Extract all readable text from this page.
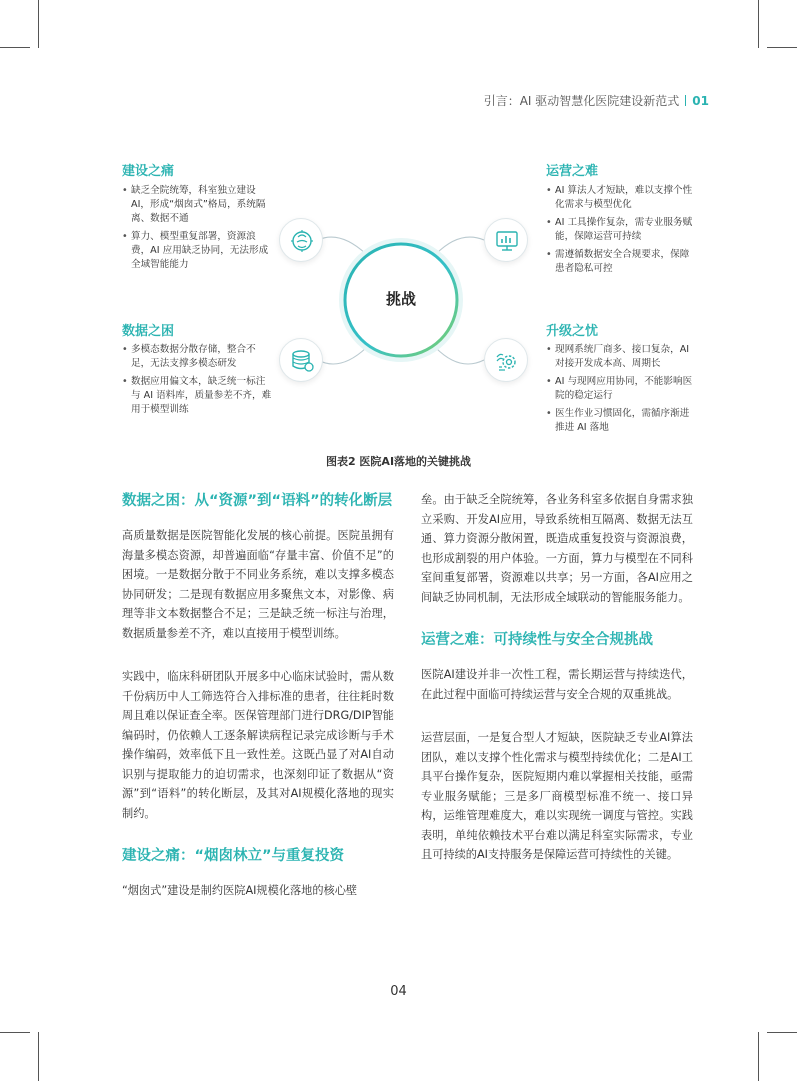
引言：AI 驱动智慧化医院建设新范式 01
挑战
建设之痛
• 缺乏全院统筹，科室独立建设AI，形成“烟囱式”格局，系统隔离、数据不通
• 算力、模型重复部署，资源浪费，AI 应用缺乏协同，无法形成全域智能能力
运营之难
• AI 算法人才短缺，难以支撑个性化需求与模型优化
• AI 工具操作复杂，需专业服务赋能，保障运营可持续
• 需遵循数据安全合规要求，保障患者隐私可控
数据之困
• 多模态数据分散存储，整合不足，无法支撑多模态研发
• 数据应用偏文本，缺乏统一标注与 AI 语料库，质量参差不齐，难用于模型训练
升级之忧
• 现网系统厂商多、接口复杂，AI对接开发成本高、周期长
• AI 与现网应用协同，不能影响医院的稳定运行
• 医生作业习惯固化，需循序渐进推进 AI 落地
图表2 医院AI落地的关键挑战
数据之困：从“资源”到“语料”的转化断层

高质量数据是医院智能化发展的核心前提。医院虽拥有海量多模态资源，却普遍面临“存量丰富、价值不足”的困境。一是数据分散于不同业务系统，难以支撑多模态协同研发；二是现有数据应用多聚焦文本，对影像、病理等非文本数据整合不足；三是缺乏统一标注与治理，数据质量参差不齐，难以直接用于模型训练。

实践中，临床科研团队开展多中心临床试验时，需从数千份病历中人工筛选符合入排标准的患者，往往耗时数周且难以保证查全率。医保管理部门进行DRG/DIP智能编码时，仍依赖人工逐条解读病程记录完成诊断与手术操作编码，效率低下且一致性差。这既凸显了对AI自动识别与提取能力的迫切需求，也深刻印证了数据从“资源”到“语料”的转化断层，及其对AI规模化落地的现实制约。

建设之痛：“烟囱林立”与重复投资

“烟囱式”建设是制约医院AI规模化落地的核心壁

垒。由于缺乏全院统筹，各业务科室多依据自身需求独立采购、开发AI应用，导致系统相互隔离、数据无法互通、算力资源分散闲置，既造成重复投资与资源浪费，也形成割裂的用户体验。一方面，算力与模型在不同科室间重复部署，资源难以共享；另一方面，各AI应用之间缺乏协同机制，无法形成全域联动的智能服务能力。

运营之难：可持续性与安全合规挑战

医院AI建设并非一次性工程，需长期运营与持续迭代，在此过程中面临可持续运营与安全合规的双重挑战。

运营层面，一是复合型人才短缺，医院缺乏专业AI算法团队，难以支撑个性化需求与模型持续优化；二是AI工具平台操作复杂，医院短期内难以掌握相关技能，亟需专业服务赋能；三是多厂商模型标准不统一、接口异构，运维管理难度大，难以实现统一调度与管控。实践表明，单纯依赖技术平台难以满足科室实际需求，专业且可持续的AI支持服务是保障运营可持续性的关键。

04
